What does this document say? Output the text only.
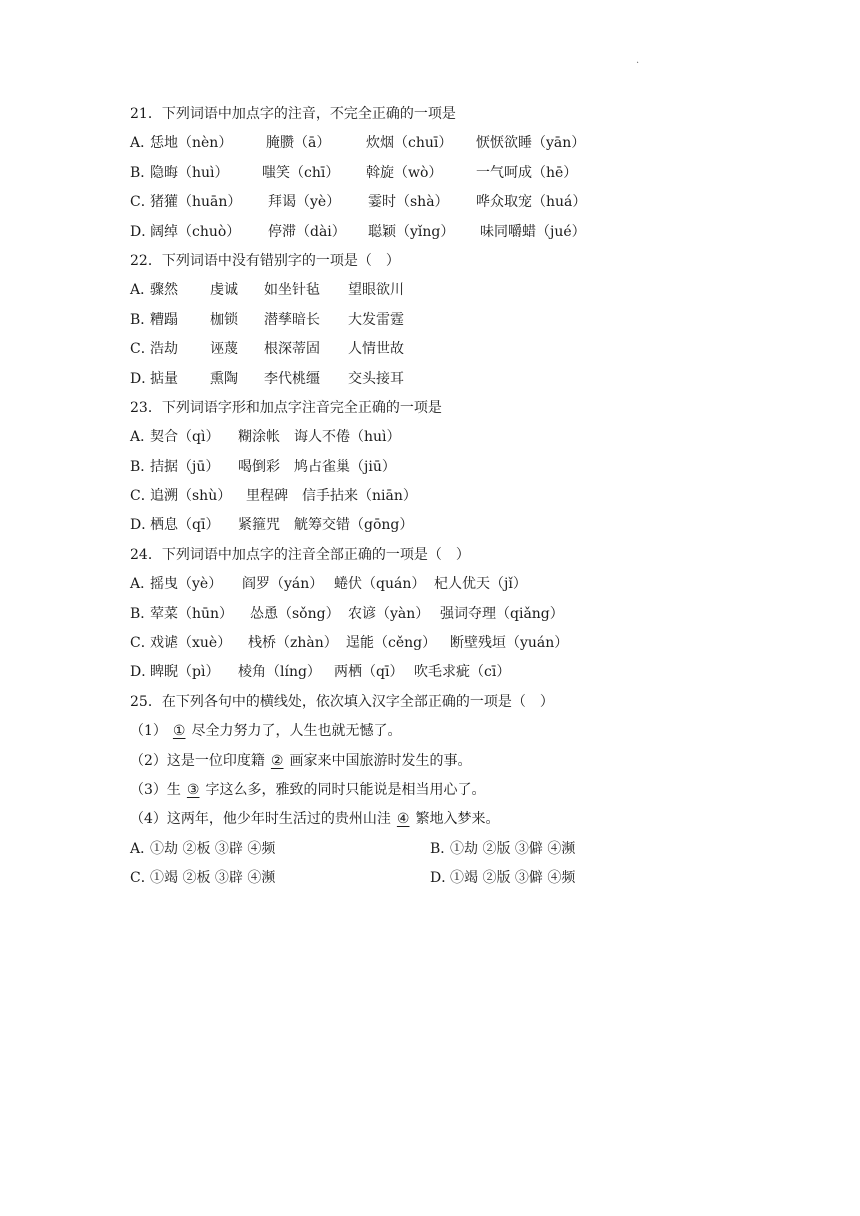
·
21．下列词语中加点字的注音，不完全正确的一项是
A．
恁地（nèn）	腌臜（ā）	炊烟（chuī）	恹恹欲睡（yān）
B．
隐晦（huì）	嗤笑（chī）	斡旋（wò）	一气呵成（hē）
C．
猪獾（huān）	拜谒（yè）	霎时（shà）	哗众取宠（huá）
D．
阔绰（chuò）	停滞（dài）	聪颖（yǐng）	味同嚼蜡（jué）
22．下列词语中没有错别字的一项是（　）
A．
骤然	虔诚	如坐针毡	望眼欲川
B．
糟蹋	枷锁	潜孳暗长	大发雷霆
C．
浩劫	诬蔑	根深蒂固	人情世故
D．
掂量	熏陶	李代桃缰	交头接耳
23．下列词语字形和加点字注音完全正确的一项是
A．
契合（qì）	糊涂帐	诲人不倦（huì）
B．
拮据（jū）	喝倒彩	鸠占雀巢（jiū）
C．
追溯（shù）	里程碑	信手拈来（niān）
D．
栖息（qī）	紧箍咒	觥筹交错（gōng）
24．下列词语中加点字的注音全部正确的一项是（　）
A．
摇曳（yè）	阎罗（yán） 蜷伏（quán） 杞人优天（jǐ）
B．
荤菜（hūn）	怂恿（sǒng） 农谚（yàn） 强词夺理（qiǎng）
C．
戏谑（xuè）	栈桥（zhàn） 逞能（cěng） 断壁残垣（yuán）
D．
睥睨（pì）	棱角（líng） 两栖（qī） 吹毛求疵（cī）
25．在下列各句中的横线处，依次填入汉字全部正确的一项是（　）
（1） ① 尽全力努力了，人生也就无憾了。
（2）这是一位印度籍 ② 画家来中国旅游时发生的事。
（3）生 ③ 字这么多，雅致的同时只能说是相当用心了。
（4）这两年，他少年时生活过的贵州山洼 ④ 繁地入梦来。
A．①劫 ②板 ③辟 ④频	B．①劫 ②版 ③僻 ④濒
C．①竭 ②板 ③辟 ④濒	D．①竭 ②版 ③僻 ④频
